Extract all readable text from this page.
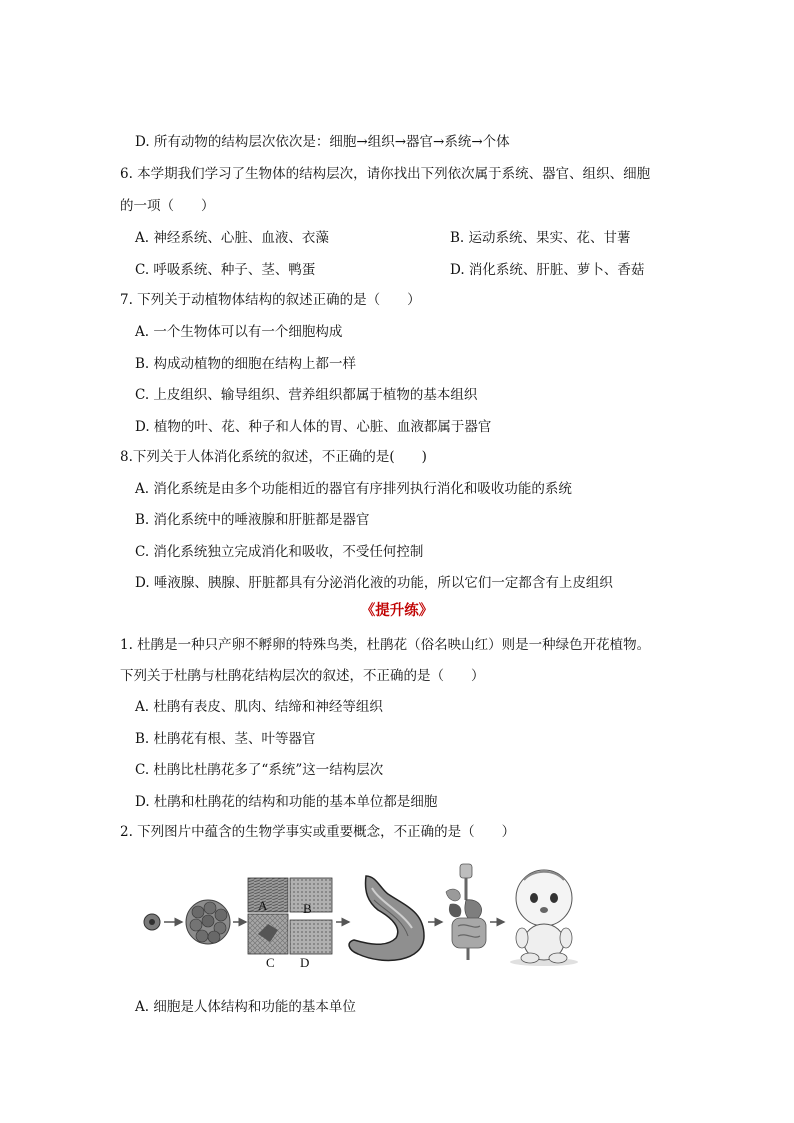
D. 所有动物的结构层次依次是：细胞→组织→器官→系统→个体
6. 本学期我们学习了生物体的结构层次，请你找出下列依次属于系统、器官、组织、细胞
的一项（　　）
A. 神经系统、心脏、血液、衣藻	B. 运动系统、果实、花、甘薯
C. 呼吸系统、种子、茎、鸭蛋	D. 消化系统、肝脏、萝卜、香菇
7. 下列关于动植物体结构的叙述正确的是（　　）
A. 一个生物体可以有一个细胞构成
B. 构成动植物的细胞在结构上都一样
C. 上皮组织、输导组织、营养组织都属于植物的基本组织
D. 植物的叶、花、种子和人体的胃、心脏、血液都属于器官
8.下列关于人体消化系统的叙述，不正确的是(　　)
A. 消化系统是由多个功能相近的器官有序排列执行消化和吸收功能的系统
B. 消化系统中的唾液腺和肝脏都是器官
C. 消化系统独立完成消化和吸收，不受任何控制
D. 唾液腺、胰腺、肝脏都具有分泌消化液的功能，所以它们一定都含有上皮组织
《提升练》
1. 杜鹃是一种只产卵不孵卵的特殊鸟类，杜鹃花（俗名映山红）则是一种绿色开花植物。
下列关于杜鹃与杜鹃花结构层次的叙述，不正确的是（　　）
A. 杜鹃有表皮、肌肉、结缔和神经等组织
B. 杜鹃花有根、茎、叶等器官
C. 杜鹃比杜鹃花多了“系统”这一结构层次
D. 杜鹃和杜鹃花的结构和功能的基本单位都是细胞
2. 下列图片中蕴含的生物学事实或重要概念，不正确的是（　　）
A	B
C D
A. 细胞是人体结构和功能的基本单位
